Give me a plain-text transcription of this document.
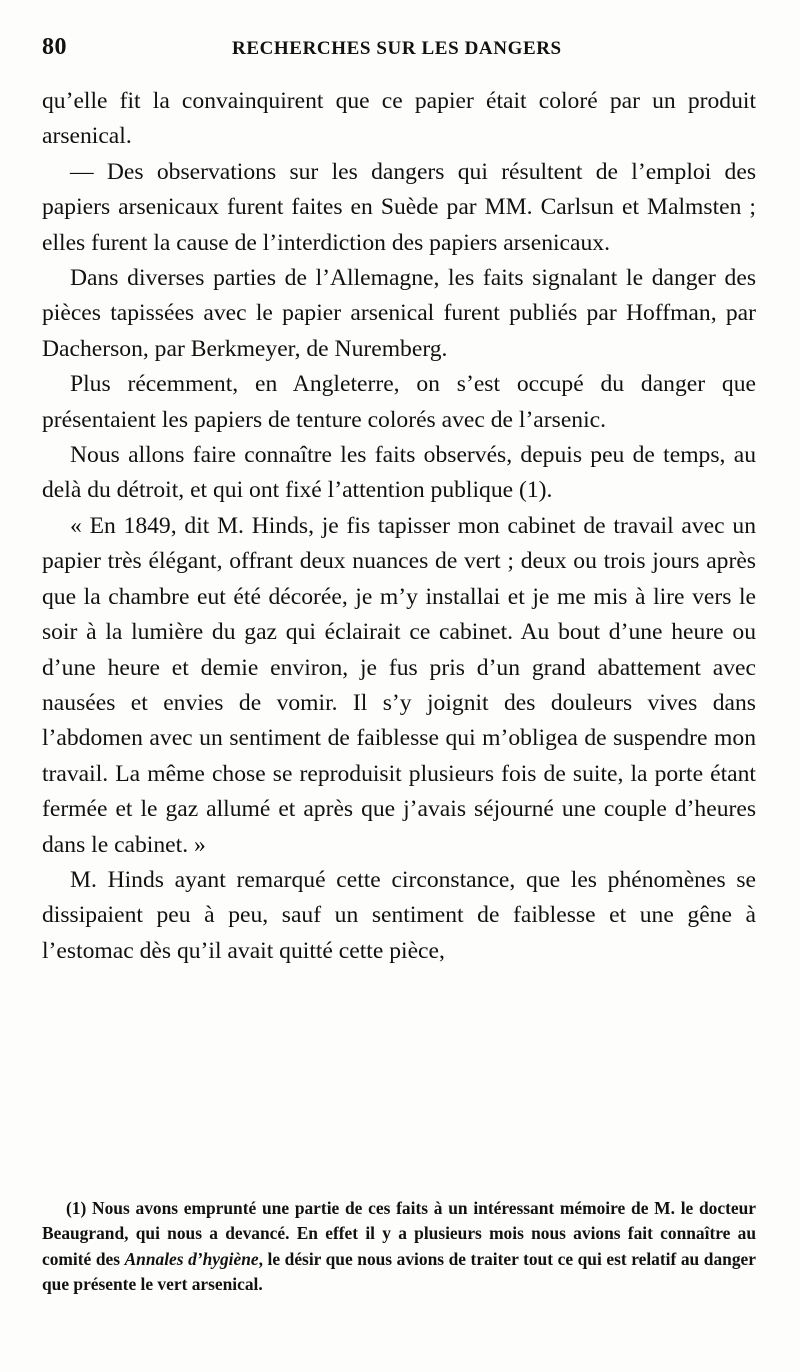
80	RECHERCHES SUR LES DANGERS

qu’elle fit la convainquirent que ce papier était coloré par un produit arsenical.

— Des observations sur les dangers qui résultent de l’emploi des papiers arsenicaux furent faites en Suède par MM. Carlsun et Malmsten ; elles furent la cause de l’interdiction des papiers arsenicaux.

Dans diverses parties de l’Allemagne, les faits signalant le danger des pièces tapissées avec le papier arsenical furent publiés par Hoffman, par Dacherson, par Berkmeyer, de Nuremberg.

Plus récemment, en Angleterre, on s’est occupé du danger que présentaient les papiers de tenture colorés avec de l’arsenic.

Nous allons faire connaître les faits observés, depuis peu de temps, au delà du détroit, et qui ont fixé l’attention publique (1).

« En 1849, dit M. Hinds, je fis tapisser mon cabinet de travail avec un papier très élégant, offrant deux nuances de vert ; deux ou trois jours après que la chambre eut été décorée, je m’y installai et je me mis à lire vers le soir à la lumière du gaz qui éclairait ce cabinet. Au bout d’une heure ou d’une heure et demie environ, je fus pris d’un grand abattement avec nausées et envies de vomir. Il s’y joignit des douleurs vives dans l’abdomen avec un sentiment de faiblesse qui m’obligea de suspendre mon travail. La même chose se reproduisit plusieurs fois de suite, la porte étant fermée et le gaz allumé et après que j’avais séjourné une couple d’heures dans le cabinet. »

M. Hinds ayant remarqué cette circonstance, que les phénomènes se dissipaient peu à peu, sauf un sentiment de faiblesse et une gêne à l’estomac dès qu’il avait quitté cette pièce,

(1) Nous avons emprunté une partie de ces faits à un intéressant mémoire de M. le docteur Beaugrand, qui nous a devancé. En effet il y a plusieurs mois nous avions fait connaître au comité des Annales d’hygiène, le désir que nous avions de traiter tout ce qui est relatif au danger que présente le vert arsenical.
